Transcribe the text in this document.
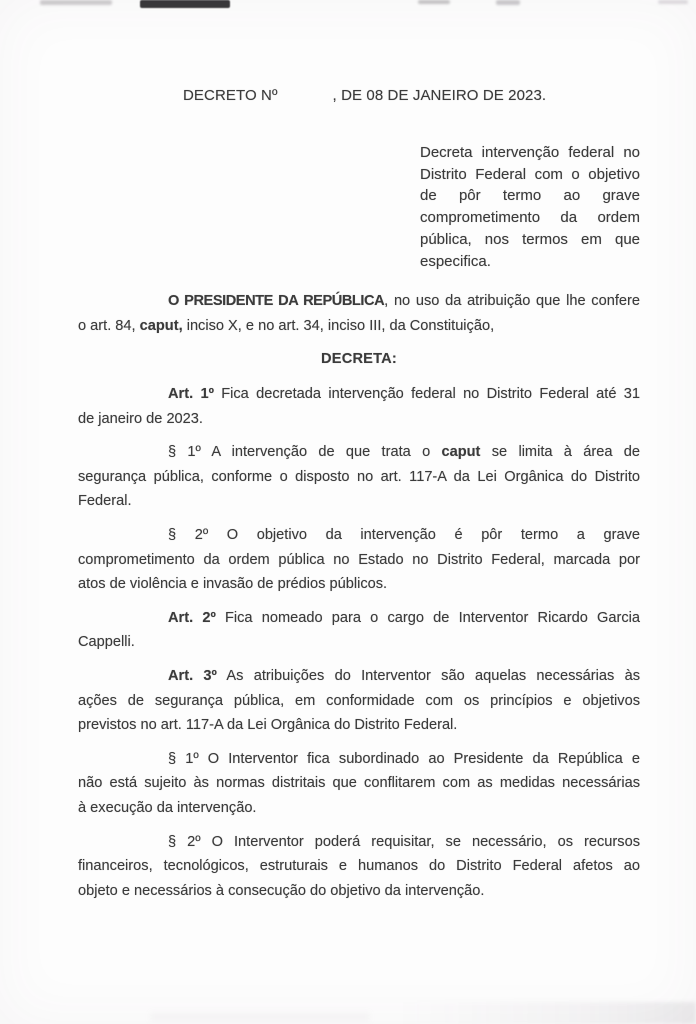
DECRETO Nº	, DE 08 DE JANEIRO DE 2023.
Decreta intervenção federal no
Distrito Federal com o objetivo
de pôr termo ao grave
comprometimento da ordem
pública, nos termos em que
especifica.

O PRESIDENTE DA REPÚBLICA, no uso da atribuição que lhe confere
o art. 84, caput, inciso X, e no art. 34, inciso III, da Constituição,

DECRETA:

Art. 1º Fica decretada intervenção federal no Distrito Federal até 31
de janeiro de 2023.

§ 1º A intervenção de que trata o caput se limita à área de
segurança pública, conforme o disposto no art. 117-A da Lei Orgânica do Distrito
Federal.

§ 2º O objetivo da intervenção é pôr termo a grave
comprometimento da ordem pública no Estado no Distrito Federal, marcada por
atos de violência e invasão de prédios públicos.

Art. 2º Fica nomeado para o cargo de Interventor Ricardo Garcia
Cappelli.

Art. 3º As atribuições do Interventor são aquelas necessárias às
ações de segurança pública, em conformidade com os princípios e objetivos
previstos no art. 117-A da Lei Orgânica do Distrito Federal.

§ 1º O Interventor fica subordinado ao Presidente da República e
não está sujeito às normas distritais que conflitarem com as medidas necessárias
à execução da intervenção.

§ 2º O Interventor poderá requisitar, se necessário, os recursos
financeiros, tecnológicos, estruturais e humanos do Distrito Federal afetos ao
objeto e necessários à consecução do objetivo da intervenção.
